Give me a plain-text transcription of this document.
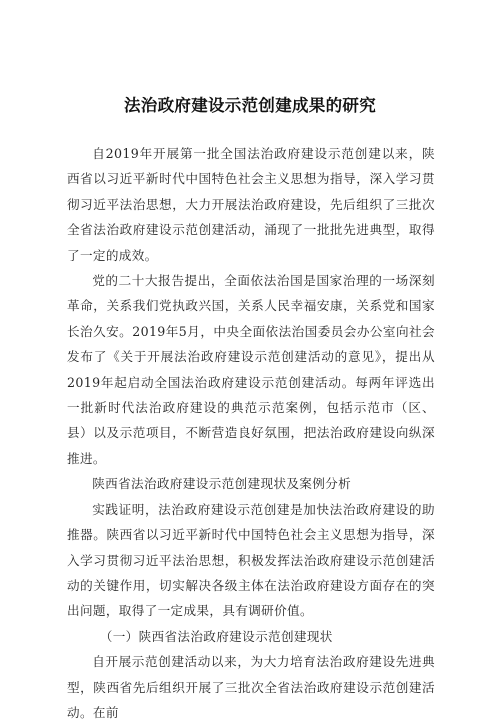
法治政府建设示范创建成果的研究

自2019年开展第一批全国法治政府建设示范创建以来，陕西省以习近平新时代中国特色社会主义思想为指导，深入学习贯彻习近平法治思想，大力开展法治政府建设，先后组织了三批次全省法治政府建设示范创建活动，涌现了一批批先进典型，取得了一定的成效。

党的二十大报告提出，全面依法治国是国家治理的一场深刻革命，关系我们党执政兴国，关系人民幸福安康，关系党和国家长治久安。2019年5月，中央全面依法治国委员会办公室向社会发布了《关于开展法治政府建设示范创建活动的意见》，提出从2019年起启动全国法治政府建设示范创建活动。每两年评选出一批新时代法治政府建设的典范示范案例，包括示范市（区、县）以及示范项目，不断营造良好氛围，把法治政府建设向纵深推进。

陕西省法治政府建设示范创建现状及案例分析

实践证明，法治政府建设示范创建是加快法治政府建设的助推器。陕西省以习近平新时代中国特色社会主义思想为指导，深入学习贯彻习近平法治思想，积极发挥法治政府建设示范创建活动的关键作用，切实解决各级主体在法治政府建设方面存在的突出问题，取得了一定成果，具有调研价值。

（一）陕西省法治政府建设示范创建现状

自开展示范创建活动以来，为大力培育法治政府建设先进典型，陕西省先后组织开展了三批次全省法治政府建设示范创建活动。在前
